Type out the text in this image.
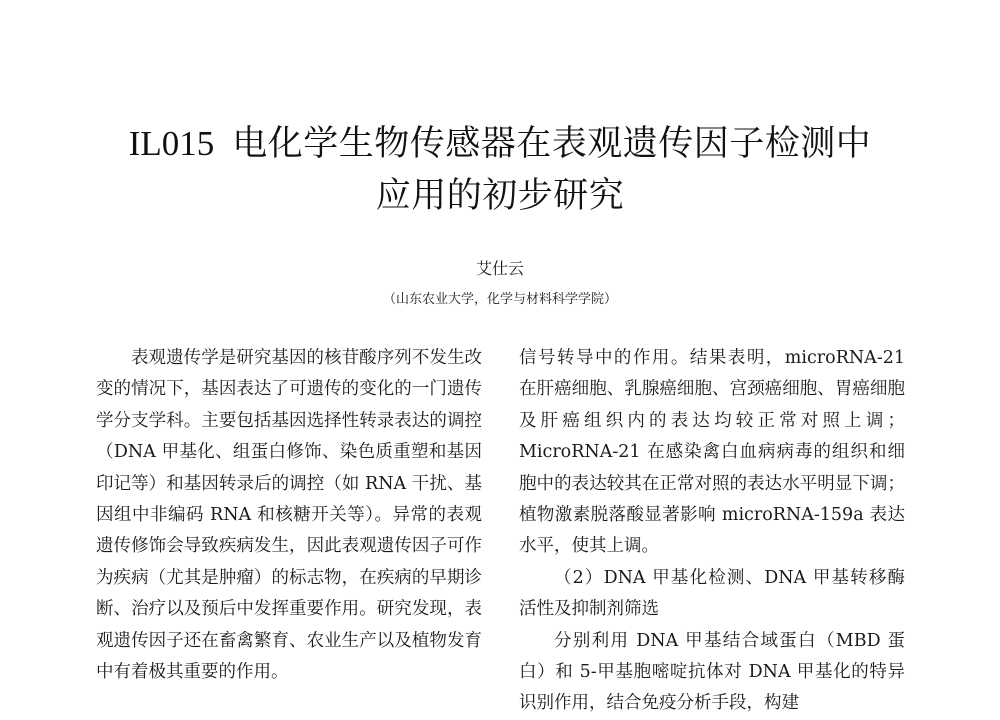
IL015 电化学生物传感器在表观遗传因子检测中
应用的初步研究
艾仕云
（山东农业大学，化学与材料科学学院）

表观遗传学是研究基因的核苷酸序列不发生改变的情况下，基因表达了可遗传的变化的一门遗传学分支学科。主要包括基因选择性转录表达的调控（DNA 甲基化、组蛋白修饰、染色质重塑和基因印记等）和基因转录后的调控（如 RNA 干扰、基因组中非编码 RNA 和核糖开关等）。异常的表观遗传修饰会导致疾病发生，因此表观遗传因子可作为疾病（尤其是肿瘤）的标志物，在疾病的早期诊断、治疗以及预后中发挥重要作用。研究发现，表观遗传因子还在畜禽繁育、农业生产以及植物发育中有着极其重要的作用。

信号转导中的作用。结果表明，microRNA-21 在肝癌细胞、乳腺癌细胞、宫颈癌细胞、胃癌细胞及肝癌组织内的表达均较正常对照上调；MicroRNA-21 在感染禽白血病病毒的组织和细胞中的表达较其在正常对照的表达水平明显下调；植物激素脱落酸显著影响 microRNA-159a 表达水平，使其上调。

（2）DNA 甲基化检测、DNA 甲基转移酶活性及抑制剂筛选

分别利用 DNA 甲基结合域蛋白（MBD 蛋白）和 5-甲基胞嘧啶抗体对 DNA 甲基化的特异识别作用，结合免疫分析手段，构建
